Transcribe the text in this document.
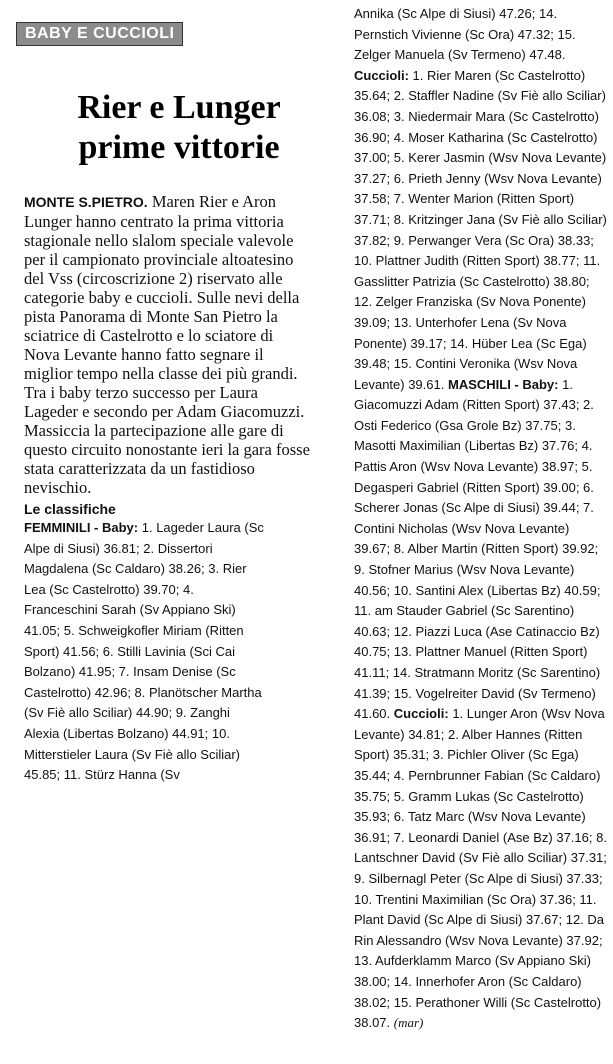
BABY E CUCCIOLI
Rier e Lunger
prime vittorie

MONTE S.PIETRO. Maren Rier e Aron Lunger hanno centrato la prima vittoria stagionale nello slalom speciale valevole per il campionato provinciale altoatesino del Vss (circoscrizione 2) riservato alle categorie baby e cuccioli. Sulle nevi della pista Panorama di Monte San Pietro la sciatrice di Castelrotto e lo sciatore di Nova Levante hanno fatto segnare il miglior tempo nella classe dei più grandi. Tra i baby terzo successo per Laura Lageder e secondo per Adam Giacomuzzi. Massiccia la partecipazione alle gare di questo circuito nonostante ieri la gara fosse stata caratterizzata da un fastidioso nevischio.

Le classifiche

FEMMINILI - Baby: 1. Lageder Laura (Sc Alpe di Siusi) 36.81; 2. Dissertori Magdalena (Sc Caldaro) 38.26; 3. Rier Lea (Sc Castelrotto) 39.70; 4. Franceschini Sarah (Sv Appiano Ski) 41.05; 5. Schweigkofler Miriam (Ritten Sport) 41.56; 6. Stilli Lavinia (Sci Cai Bolzano) 41.95; 7. Insam Denise (Sc Castelrotto) 42.96; 8. Planötscher Martha (Sv Fiè allo Sciliar) 44.90; 9. Zanghi Alexia (Libertas Bolzano) 44.91; 10. Mitterstieler Laura (Sv Fiè allo Sciliar) 45.85; 11. Stürz Hanna (Sv

Annika (Sc Alpe di Siusi) 47.26; 14. Pernstich Vivienne (Sc Ora) 47.32; 15. Zelger Manuela (Sv Termeno) 47.48. Cuccioli: 1. Rier Maren (Sc Castelrotto) 35.64; 2. Staffler Nadine (Sv Fiè allo Sciliar) 36.08; 3. Niedermair Mara (Sc Castelrotto) 36.90; 4. Moser Katharina (Sc Castelrotto) 37.00; 5. Kerer Jasmin (Wsv Nova Levante) 37.27; 6. Prieth Jenny (Wsv Nova Levante) 37.58; 7. Wenter Marion (Ritten Sport) 37.71; 8. Kritzinger Jana (Sv Fiè allo Sciliar) 37.82; 9. Perwanger Vera (Sc Ora) 38.33; 10. Plattner Judith (Ritten Sport) 38.77; 11. Gasslitter Patrizia (Sc Castelrotto) 38.80; 12. Zelger Franziska (Sv Nova Ponente) 39.09; 13. Unterhofer Lena (Sv Nova Ponente) 39.17; 14. Hüber Lea (Sc Ega) 39.48; 15. Contini Veronika (Wsv Nova Levante) 39.61. MASCHILI - Baby: 1. Giacomuzzi Adam (Ritten Sport) 37.43; 2. Osti Federico (Gsa Grole Bz) 37.75; 3. Masotti Maximilian (Libertas Bz) 37.76; 4. Pattis Aron (Wsv Nova Levante) 38.97; 5. Degasperi Gabriel (Ritten Sport) 39.00; 6. Scherer Jonas (Sc Alpe di Siusi) 39.44; 7. Contini Nicholas (Wsv Nova Levante) 39.67; 8. Alber Martin (Ritten Sport) 39.92; 9. Stofner Marius (Wsv Nova Levante) 40.56; 10. Santini Alex (Libertas Bz) 40.59; 11. am Stauder Gabriel (Sc Sarentino) 40.63; 12. Piazzi Luca (Ase Catinaccio Bz) 40.75; 13. Plattner Manuel (Ritten Sport) 41.11; 14. Stratmann Moritz (Sc Sarentino) 41.39; 15. Vogelreiter David (Sv Termeno) 41.60. Cuccioli: 1. Lunger Aron (Wsv Nova Levante) 34.81; 2. Alber Hannes (Ritten Sport) 35.31; 3. Pichler Oliver (Sc Ega) 35.44; 4. Pernbrunner Fabian (Sc Caldaro) 35.75; 5. Gramm Lukas (Sc Castelrotto) 35.93; 6. Tatz Marc (Wsv Nova Levante) 36.91; 7. Leonardi Daniel (Ase Bz) 37.16; 8. Lantschner David (Sv Fiè allo Sciliar) 37.31; 9. Silbernagl Peter (Sc Alpe di Siusi) 37.33; 10. Trentini Maximilian (Sc Ora) 37.36; 11. Plant David (Sc Alpe di Siusi) 37.67; 12. Da Rin Alessandro (Wsv Nova Levante) 37.92; 13. Aufderklamm Marco (Sv Appiano Ski) 38.00; 14. Innerhofer Aron (Sc Caldaro) 38.02; 15. Perathoner Willi (Sc Castelrotto) 38.07. (mar)
